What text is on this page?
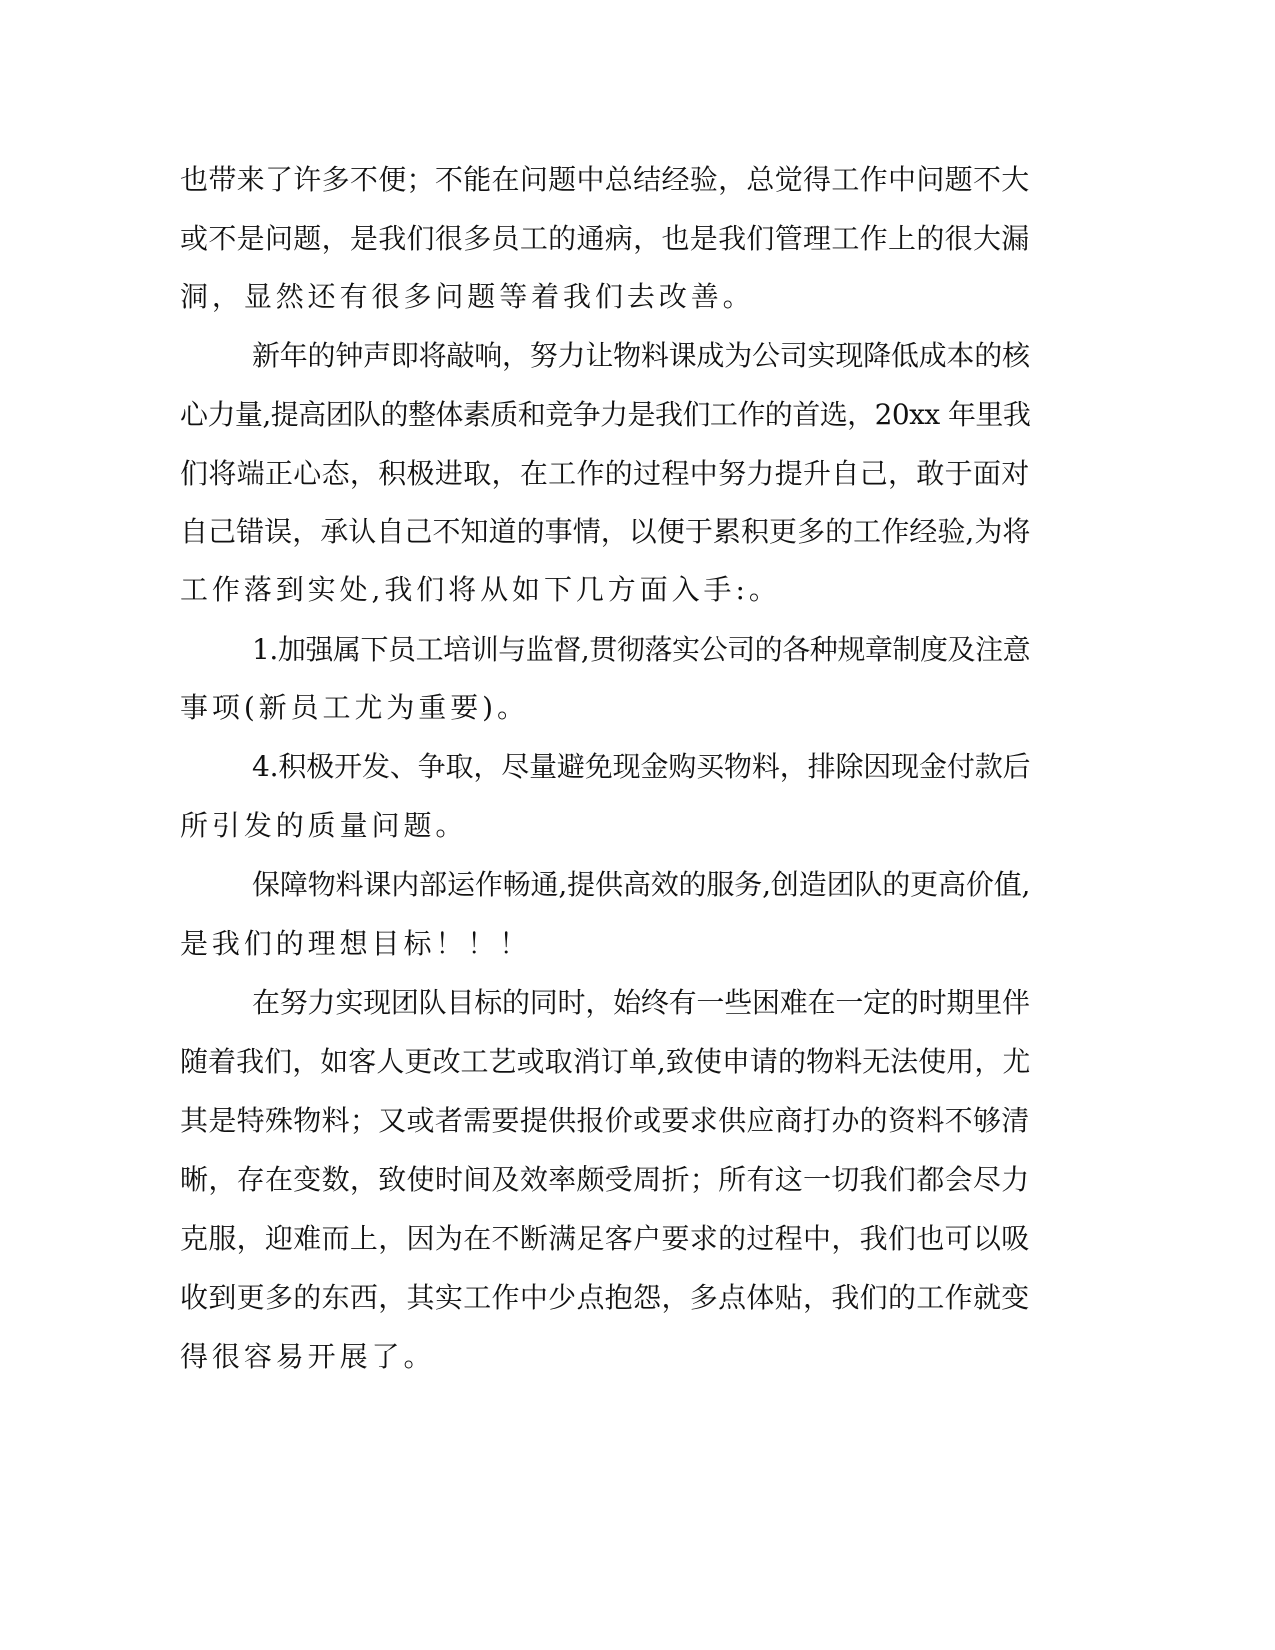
也带来了许多不便；不能在问题中总结经验，总觉得工作中问题不大
或不是问题，是我们很多员工的通病，也是我们管理工作上的很大漏
洞，显然还有很多问题等着我们去改善。
新年的钟声即将敲响，努力让物料课成为公司实现降低成本的核
心力量,提高团队的整体素质和竞争力是我们工作的首选，20xx 年里我
们将端正心态，积极进取，在工作的过程中努力提升自己，敢于面对
自己错误，承认自己不知道的事情，以便于累积更多的工作经验,为将
工作落到实处,我们将从如下几方面入手:。
1.加强属下员工培训与监督,贯彻落实公司的各种规章制度及注意
事项(新员工尤为重要)。
4.积极开发、争取，尽量避免现金购买物料，排除因现金付款后
所引发的质量问题。
保障物料课内部运作畅通,提供高效的服务,创造团队的更高价值,
是我们的理想目标！！！
在努力实现团队目标的同时，始终有一些困难在一定的时期里伴
随着我们，如客人更改工艺或取消订单,致使申请的物料无法使用，尤
其是特殊物料；又或者需要提供报价或要求供应商打办的资料不够清
晰，存在变数，致使时间及效率颇受周折；所有这一切我们都会尽力
克服，迎难而上，因为在不断满足客户要求的过程中，我们也可以吸
收到更多的东西，其实工作中少点抱怨，多点体贴，我们的工作就变
得很容易开展了。
